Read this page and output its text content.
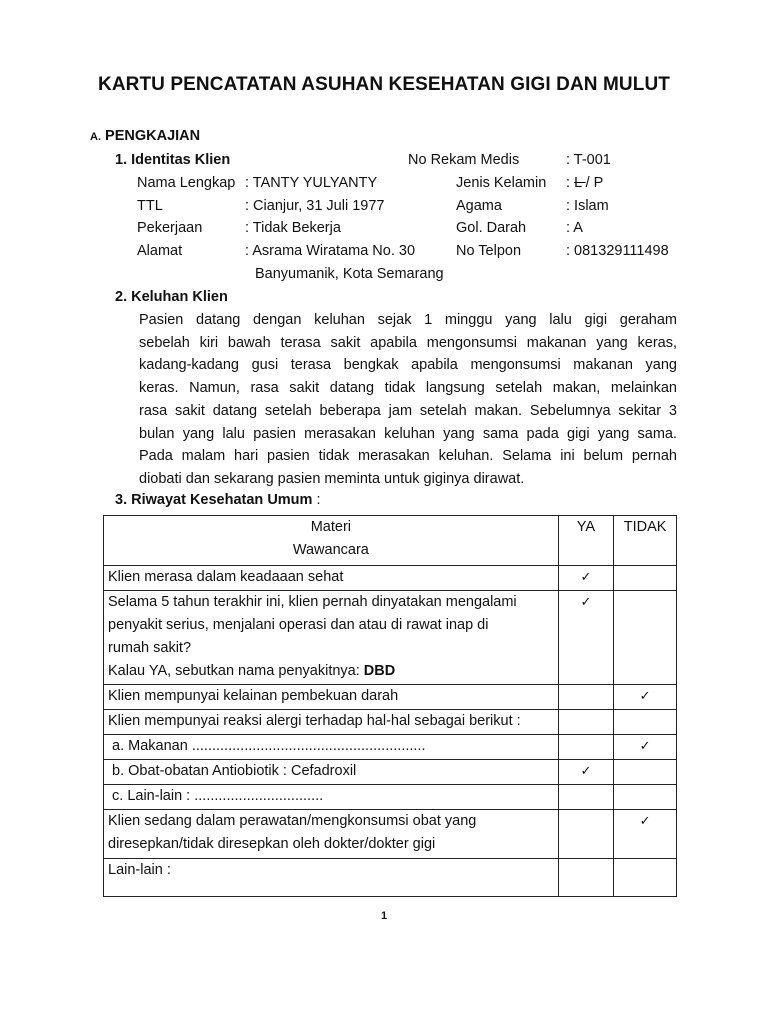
KARTU PENCATATAN ASUHAN KESEHATAN GIGI DAN MULUT
A. PENGKAJIAN
1. Identitas Klien	No Rekam Medis	: T-001
Nama Lengkap : TANTY YULYANTY	Jenis Kelamin : L / P
TTL	: Cianjur, 31 Juli 1977	Agama	: Islam
Pekerjaan	: Tidak Bekerja	Gol. Darah	: A
Alamat	: Asrama Wiratama No. 30	No Telpon	: 081329111498
Banyumanik, Kota Semarang
2. Keluhan Klien
Pasien datang dengan keluhan sejak 1 minggu yang lalu gigi geraham
sebelah kiri bawah terasa sakit apabila mengonsumsi makanan yang keras,
kadang-kadang gusi terasa bengkak apabila mengonsumsi makanan yang
keras. Namun, rasa sakit datang tidak langsung setelah makan, melainkan
rasa sakit datang setelah beberapa jam setelah makan. Sebelumnya sekitar 3
bulan yang lalu pasien merasakan keluhan yang sama pada gigi yang sama.
Pada malam hari pasien tidak merasakan keluhan. Selama ini belum pernah
diobati dan sekarang pasien meminta untuk giginya dirawat.
3. Riwayat Kesehatan Umum :
Materi
Wawancara	YA	TIDAK
Klien merasa dalam keadaaan sehat	✓	

Selama 5 tahun terakhir ini, klien pernah dinyatakan mengalami
penyakit serius, menjalani operasi dan atau di rawat inap di
rumah sakit?
Kalau YA, sebutkan nama penyakitnya: DBD	✓	
Klien mempunyai kelainan pembekuan darah		✓
Klien mempunyai reaksi alergi terhadap hal-hal sebagai berikut :		
a. Makanan ..........................................................		✓
b. Obat-obatan Antiobiotik : Cefadroxil	✓	
c. Lain-lain : ................................		

Klien sedang dalam perawatan/mengkonsumsi obat yang
diresepkan/tidak diresepkan oleh dokter/dokter gigi		✓
Lain-lain :		
1
